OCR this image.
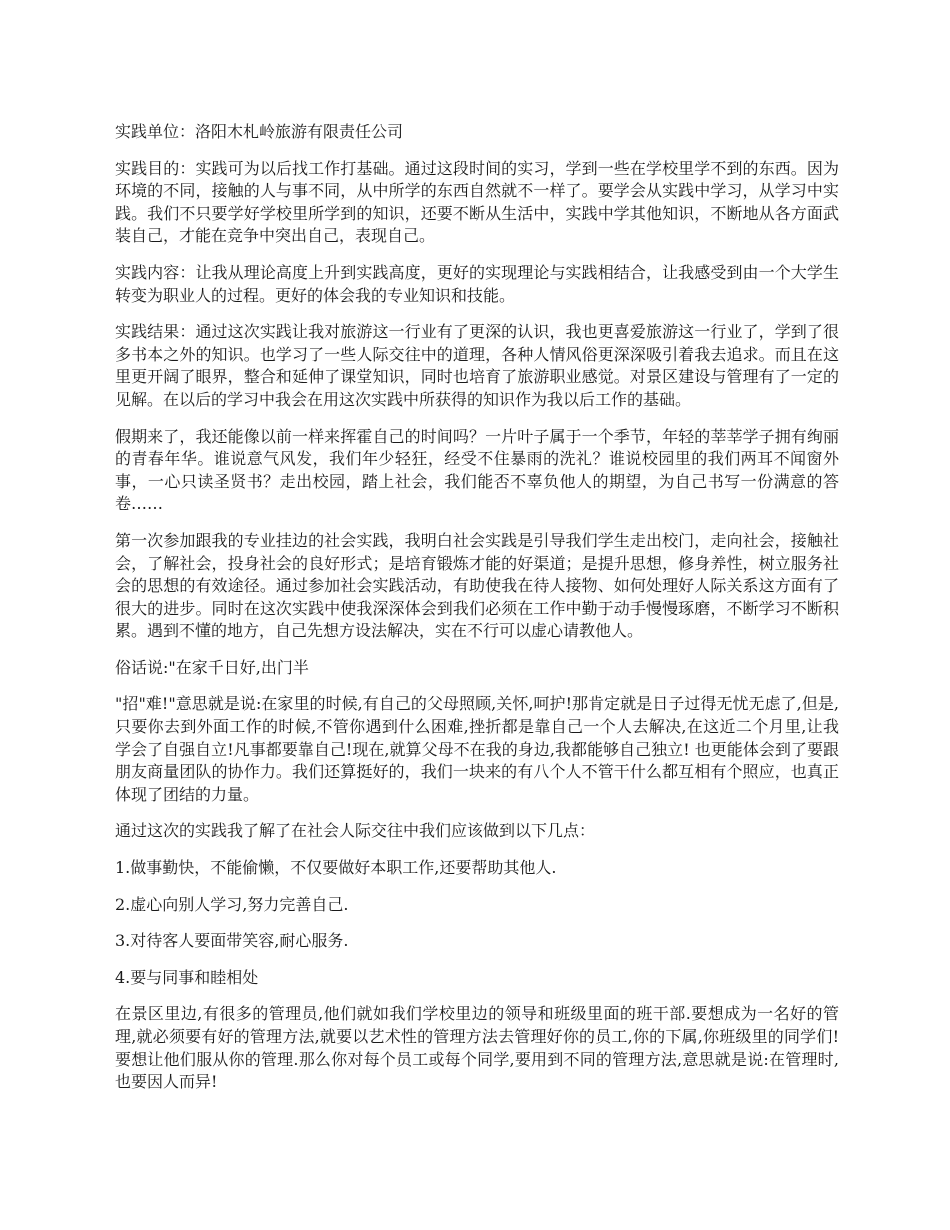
实践单位：洛阳木札岭旅游有限责任公司

实践目的：实践可为以后找工作打基础。通过这段时间的实习，学到一些在学校里学不到的东西。因为环境的不同，接触的人与事不同，从中所学的东西自然就不一样了。要学会从实践中学习，从学习中实践。我们不只要学好学校里所学到的知识，还要不断从生活中，实践中学其他知识，不断地从各方面武装自己，才能在竞争中突出自己，表现自己。

实践内容：让我从理论高度上升到实践高度，更好的实现理论与实践相结合，让我感受到由一个大学生转变为职业人的过程。更好的体会我的专业知识和技能。

实践结果：通过这次实践让我对旅游这一行业有了更深的认识，我也更喜爱旅游这一行业了，学到了很多书本之外的知识。也学习了一些人际交往中的道理，各种人情风俗更深深吸引着我去追求。而且在这里更开阔了眼界，整合和延伸了课堂知识，同时也培育了旅游职业感觉。对景区建设与管理有了一定的见解。在以后的学习中我会在用这次实践中所获得的知识作为我以后工作的基础。

假期来了，我还能像以前一样来挥霍自己的时间吗？一片叶子属于一个季节，年轻的莘莘学子拥有绚丽的青春年华。谁说意气风发，我们年少轻狂，经受不住暴雨的洗礼？谁说校园里的我们两耳不闻窗外事，一心只读圣贤书？走出校园，踏上社会，我们能否不辜负他人的期望，为自己书写一份满意的答卷……

第一次参加跟我的专业挂边的社会实践，我明白社会实践是引导我们学生走出校门，走向社会，接触社会，了解社会，投身社会的良好形式；是培育锻炼才能的好渠道；是提升思想，修身养性，树立服务社会的思想的有效途径。通过参加社会实践活动，有助使我在待人接物、如何处理好人际关系这方面有了很大的进步。同时在这次实践中使我深深体会到我们必须在工作中勤于动手慢慢琢磨，不断学习不断积累。遇到不懂的地方，自己先想方设法解决，实在不行可以虚心请教他人。

俗话说:"在家千日好,出门半

"招"难!"意思就是说:在家里的时候,有自己的父母照顾,关怀,呵护!那肯定就是日子过得无忧无虑了,但是,只要你去到外面工作的时候,不管你遇到什么困难,挫折都是靠自己一个人去解决,在这近二个月里,让我学会了自强自立!凡事都要靠自己!现在,就算父母不在我的身边,我都能够自己独立! 也更能体会到了要跟朋友商量团队的协作力。我们还算挺好的，我们一块来的有八个人不管干什么都互相有个照应，也真正体现了团结的力量。

通过这次的实践我了解了在社会人际交往中我们应该做到以下几点：

1.做事勤快，不能偷懒，不仅要做好本职工作,还要帮助其他人.

2.虚心向别人学习,努力完善自己.

3.对待客人要面带笑容,耐心服务.

4.要与同事和睦相处

在景区里边,有很多的管理员,他们就如我们学校里边的领导和班级里面的班干部.要想成为一名好的管理,就必须要有好的管理方法,就要以艺术性的管理方法去管理好你的员工,你的下属,你班级里的同学们!要想让他们服从你的管理.那么你对每个员工或每个同学,要用到不同的管理方法,意思就是说:在管理时,也要因人而异!
